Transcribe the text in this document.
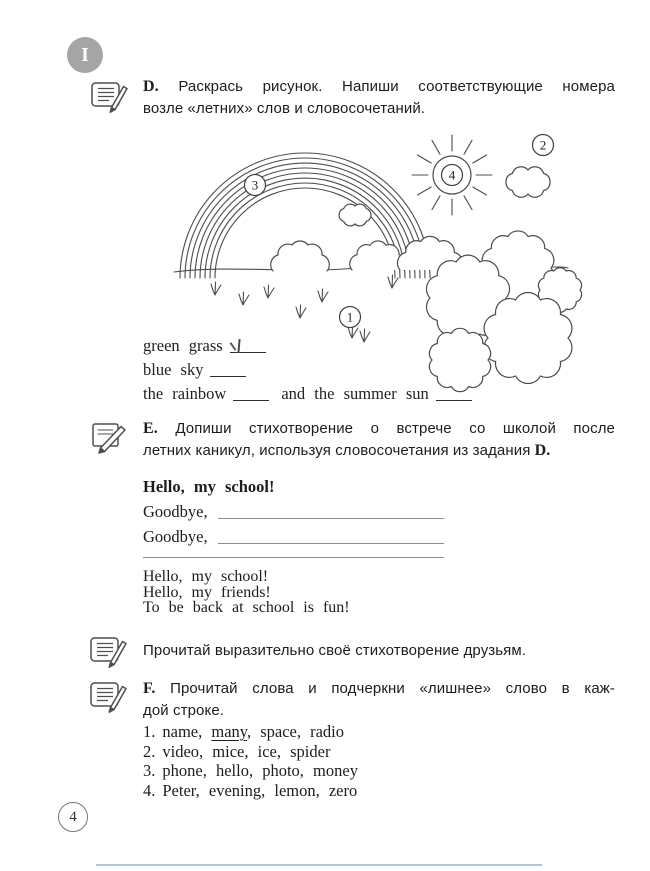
I
D. Раскрась рисунок. Напиши соответствующие номера
возле «летних» слов и словосочетаний.
3
4
2
1
green grass
blue sky
the rainbow	and the summer sun
E. Допиши стихотворение о встрече со школой после
летних каникул, используя словосочетания из задания D.
Hello, my school!
Goodbye,
Goodbye,
Hello, my school!
Hello, my friends!
To be back at school is fun!
Прочитай выразительно своё стихотворение друзьям.
F. Прочитай слова и подчеркни «лишнее» слово в каж-
дой строке.
1. name, many, space, radio
2. video, mice, ice, spider
3. phone, hello, photo, money
4. Peter, evening, lemon, zero
4
